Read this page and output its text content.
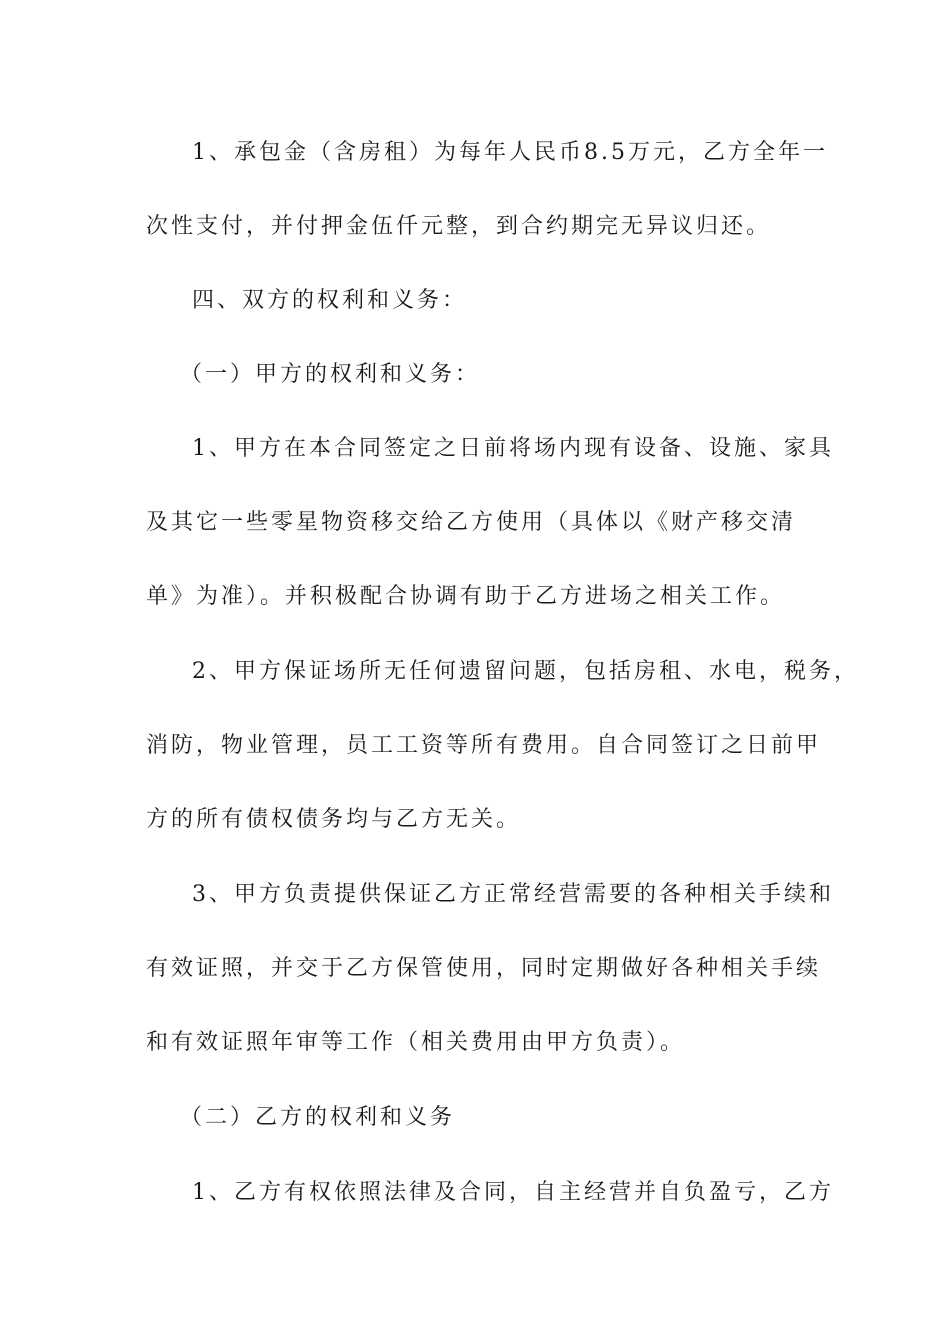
1、承包金（含房租）为每年人民币8.5万元，乙方全年一
次性支付，并付押金伍仟元整，到合约期完无异议归还。
四、双方的权利和义务：
（一）甲方的权利和义务：
1、甲方在本合同签定之日前将场内现有设备、设施、家具
及其它一些零星物资移交给乙方使用（具体以《财产移交清
单》为准）。并积极配合协调有助于乙方进场之相关工作。
2、甲方保证场所无任何遗留问题，包括房租、水电，税务，
消防，物业管理，员工工资等所有费用。自合同签订之日前甲
方的所有债权债务均与乙方无关。
3、甲方负责提供保证乙方正常经营需要的各种相关手续和
有效证照，并交于乙方保管使用，同时定期做好各种相关手续
和有效证照年审等工作（相关费用由甲方负责）。
（二）乙方的权利和义务
1、乙方有权依照法律及合同，自主经营并自负盈亏，乙方
